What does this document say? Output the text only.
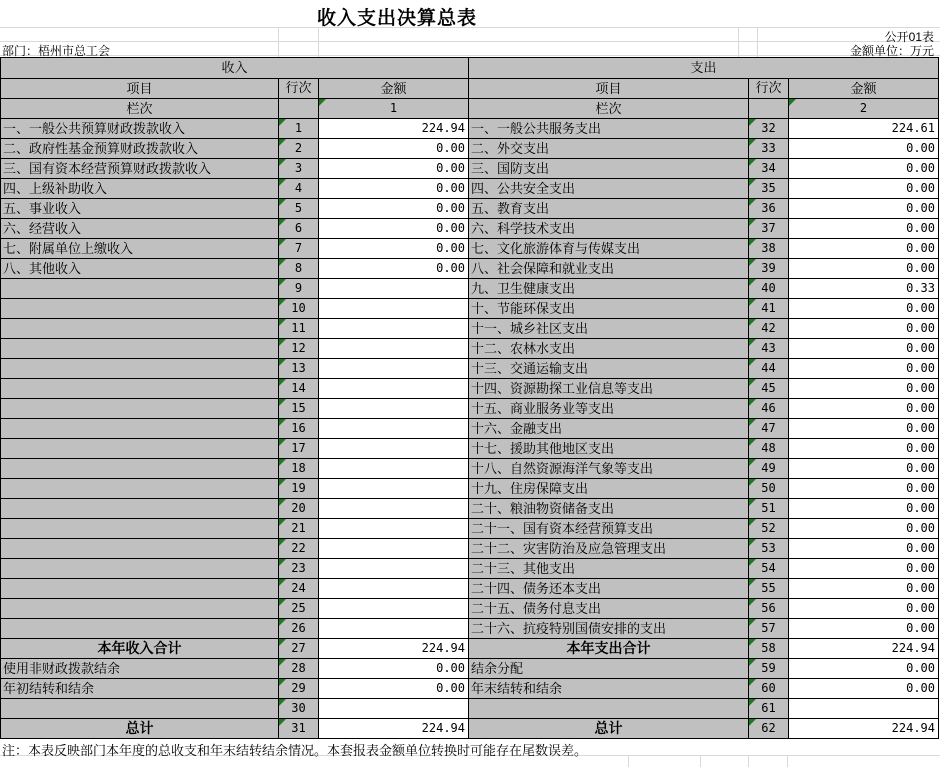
收入支出决算总表
公开01表
部门：梧州市总工会	金额单位：万元
收入
项目	行次	金额
栏次	1
一、一般公共预算财政拨款收入	1	224.94
二、政府性基金预算财政拨款收入	2	0.00
三、国有资本经营预算财政拨款收入	3	0.00
四、上级补助收入	4	0.00
五、事业收入	5	0.00
六、经营收入	6	0.00
七、附属单位上缴收入	7	0.00
八、其他收入	8	0.00
9
10
11
12
13
14
15
16
17
18
19
20
21
22
23
24
25
26
本年收入合计	27	224.94
使用非财政拨款结余	28	0.00
年初结转和结余	29	0.00
30
总计	31	224.94
支出
项目	行次	金额
栏次	2
一、一般公共服务支出	32	224.61
二、外交支出	33	0.00
三、国防支出	34	0.00
四、公共安全支出	35	0.00
五、教育支出	36	0.00
六、科学技术支出	37	0.00
七、文化旅游体育与传媒支出	38	0.00
八、社会保障和就业支出	39	0.00
九、卫生健康支出	40	0.33
十、节能环保支出	41	0.00
十一、城乡社区支出	42	0.00
十二、农林水支出	43	0.00
十三、交通运输支出	44	0.00
十四、资源勘探工业信息等支出	45	0.00
十五、商业服务业等支出	46	0.00
十六、金融支出	47	0.00
十七、援助其他地区支出	48	0.00
十八、自然资源海洋气象等支出	49	0.00
十九、住房保障支出	50	0.00
二十、粮油物资储备支出	51	0.00
二十一、国有资本经营预算支出	52	0.00
二十二、灾害防治及应急管理支出	53	0.00
二十三、其他支出	54	0.00
二十四、债务还本支出	55	0.00
二十五、债务付息支出	56	0.00
二十六、抗疫特别国债安排的支出	57	0.00
本年支出合计	58	224.94
结余分配	59	0.00
年末结转和结余	60	0.00
61
总计	62	224.94
注：本表反映部门本年度的总收支和年末结转结余情况。本套报表金额单位转换时可能存在尾数误差。
